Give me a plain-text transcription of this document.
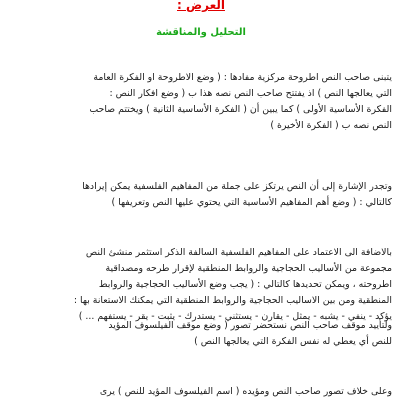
العرض :
التحليل والمناقشة
يتبنى صاحب النص اطروحة مركزية مفادها : ( وضع الاطروحة او الفكرة العامة
التي يعالجها النص ) اذ يفتتح صاحب النص نصه هذا ب ( وضع افكار النص :
الفكرة الأساسية الأولى ) كما يبين أن ( الفكرة الأساسية الثانية ) ويختتم صاحب
النص نصه ب ( الفكرة الأخيرة )
وتجدر الإشارة إلى أن النص يرتكز على جملة من المفاهيم الفلسفية يمكن إيرادها
كالتالي : ( وضع أهم المفاهيم الأساسية التي يحتوي عليها النص وتعريفها )
بالاضافة الى الاعتماد على المفاهيم الفلسفية السالفة الذكر استثمر منشئ النص
مجموعة من الأساليب الحجاجية والروابط المنطقية لإقرار طرحه ومصداقية
اطروحته ، ويمكن تحديدها كالتالي : ( يجب وضع الأساليب الحجاجية والروابط
المنطقية ومن بين الاساليب الحجاجية والروابط المنطقية التي يمكنك الاستعانة بها :
يؤكد - ينفي - يشبه - يمثل - يقارن - يستثني - يستدرك - يثبت - يقر - يستفهم ... )
ولتأييد موقف صاحب النص نستحضر تصور ( وضع موقف الفيلسوف المؤيد
للنص أي يعطي له نفس الفكرة التي يعالجها النص )
وعلى خلاف تصور صاحب النص ومؤيده ( اسم الفيلسوف المؤيد للنص ) يرى
